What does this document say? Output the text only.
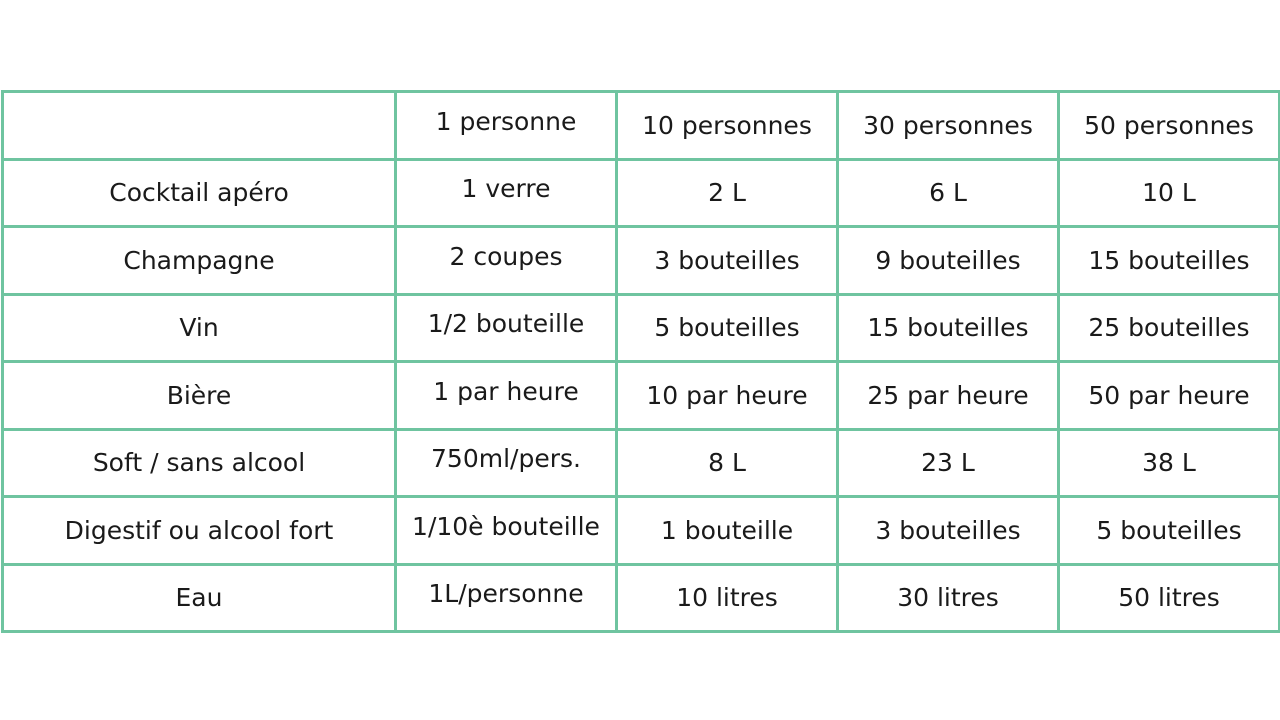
	1 personne	10 personnes	30 personnes	50 personnes
Cocktail apéro	1 verre	2 L	6 L	10 L
Champagne	2 coupes	3 bouteilles	9 bouteilles	15 bouteilles
Vin	1/2 bouteille	5 bouteilles	15 bouteilles	25 bouteilles
Bière	1 par heure	10 par heure	25 par heure	50 par heure
Soft / sans alcool	750ml/pers.	8 L	23 L	38 L
Digestif ou alcool fort	1/10è bouteille	1 bouteille	3 bouteilles	5 bouteilles
Eau	1L/personne	10 litres	30 litres	50 litres
